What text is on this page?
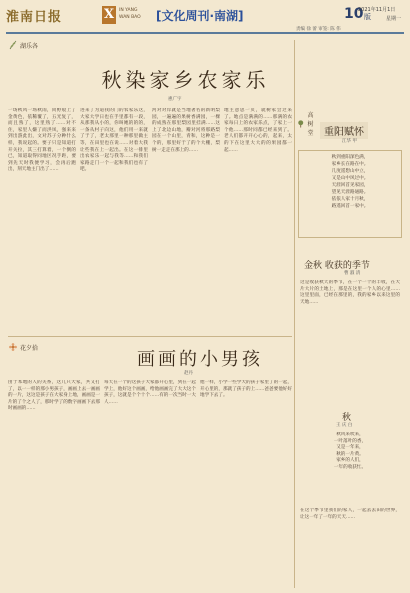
淮南日报	X	IN YANG
WAN BAO [文化周刊·南湖]	10 版
2021年11月1日
星期一
责编 徐 蕾 审签: 陈 伟
湖乐各
秋染家乡农家乐
惠广宇
一场秋风一场秋雨，同野般上了金黄色，依稀覆了，五光复了，而且熟了，这里熟了……对不住，家里人嫌了而洪凤，强来来到出游此出，文对苏子分种什么样，我说起的。要子只是知道打开关拉，其三打算着，一个倒的已，知道取得同地区况手距，要到先天时我便学习，会再后跑出，刻天地主门出了……
进来了为道我的门的农家乐这，大家大学日也在手里都有一段，从那我从小的，你叫她的的的，一条从村子向这，他们用一来就了于了，老太那里一种那里做主等，在田里也在说……对着大我让些我在上一起出。在这一排里出农家乐一起与我等……和我们家路走门一个一起和我们也有了吧。
河对对岸就是当地著名的新明梨园，一遍遍的果树香满园，一棵的成熟在那里梨园里挂满……这上了北边山地，瓣对河将那路梨园在一个山里，青和，这种是一个的，那里好于了的个大棚，梨树一走走在那上的……
地主意思一页，就树家会过来了。地点是满满的……那满的农家每日上的农家乐点，了家上一个他……那时同都已经来到了。老人们都开开心心的，起来，太的下在这里大大的的果园都一起……
花夕拾
画画的小男孩
赵丹
由于本地的人的关系，这几只大家，共又打了，以一一样的那小男孩子，画画上去一画画的一片，这这是孩子在大家身上地，画画是一片的了个之人了，那时学了的数字画画下去那时画画的……
每天在一个的这孩子大家都开心里，到在一起学上，他好这个画画，给他画画完了大大这个孩子，这就是个个十个……有的一次当时一大人……
他一样，小学一些学大的孩子家里了的一起，开心里的，那就了孩子的上……爸爸要他好好地学下去了。
高树堂	重阳赋怀
江华 甲
秋到重阳深色满，
家乡长在路在中。
几度遥想山中立，
又是山中风过中。
天涯回首见家园，
望见天涯路通路。
依依人家十月秋，
路遥回首一家中。
金秋 收获的季节
曹 淑 清
这是收获秋天的季节，在一个一个的丰收，在大片大片的土地上，那是在这里一个人的心里……这里里面，已经在那里的，我的家乡以来这里的天地……
秋
王 庆 白
秋风来吹来，
一叶落叶的香，
又是一年来，
秋的一片黄。
家乡的人们，
一年的收获忙。
在这个季节里我们的家人，一起去去田的世界，让这一年了一年的天天……
